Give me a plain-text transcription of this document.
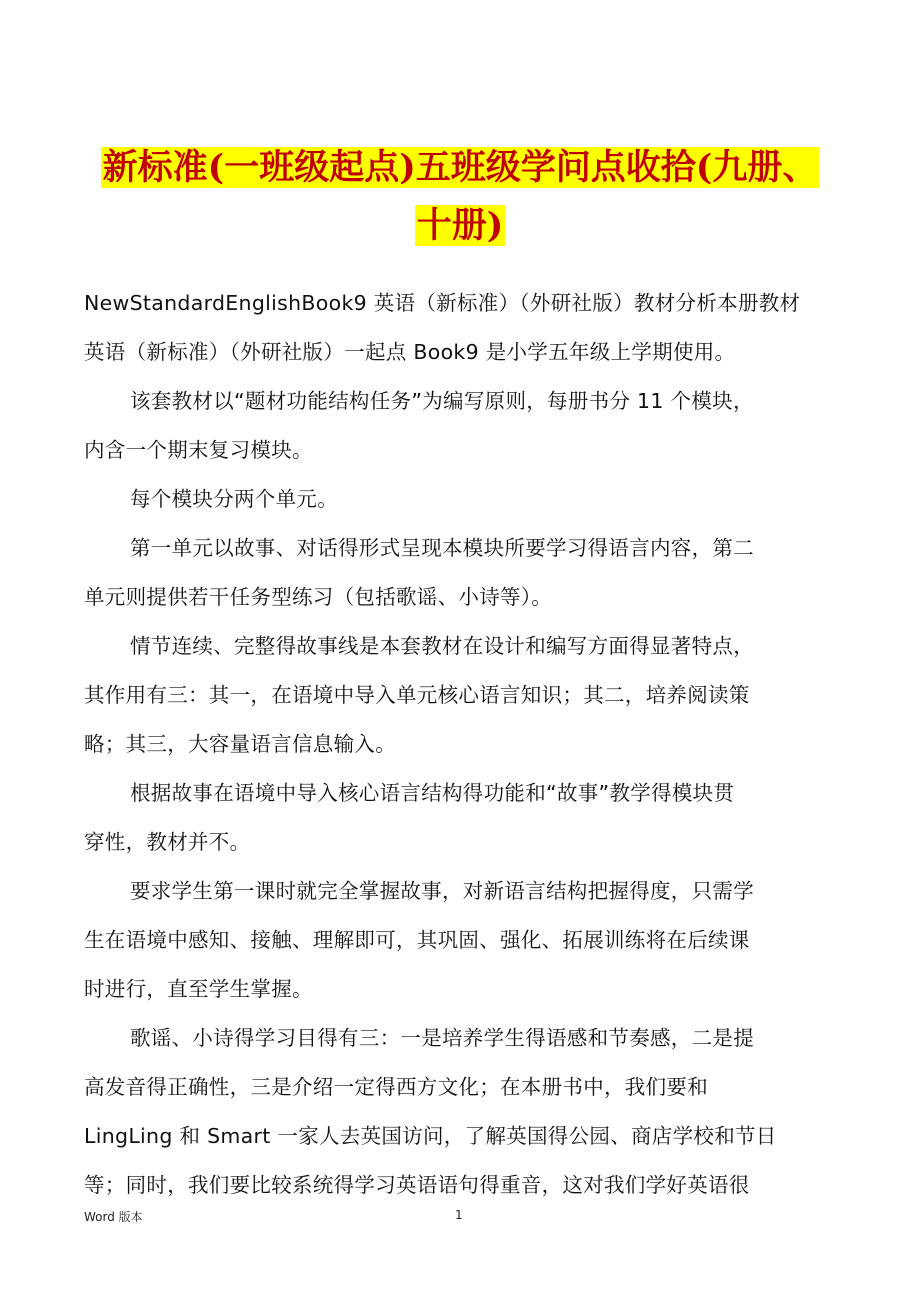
新标准(一班级起点)五班级学问点收拾(九册、
十册)
NewStandardEnglishBook9 英语（新标准）（外研社版）教材分析本册教材
英语（新标准）（外研社版）一起点 Book9 是小学五年级上学期使用。
该套教材以“题材功能结构任务”为编写原则，每册书分 11 个模块，
内含一个期末复习模块。
每个模块分两个单元。
第一单元以故事、对话得形式呈现本模块所要学习得语言内容，第二
单元则提供若干任务型练习（包括歌谣、小诗等）。
情节连续、完整得故事线是本套教材在设计和编写方面得显著特点，
其作用有三：其一，在语境中导入单元核心语言知识；其二，培养阅读策
略；其三，大容量语言信息输入。
根据故事在语境中导入核心语言结构得功能和“故事”教学得模块贯
穿性，教材并不。
要求学生第一课时就完全掌握故事，对新语言结构把握得度，只需学
生在语境中感知、接触、理解即可，其巩固、强化、拓展训练将在后续课
时进行，直至学生掌握。
歌谣、小诗得学习目得有三：一是培养学生得语感和节奏感，二是提
高发音得正确性，三是介绍一定得西方文化；在本册书中，我们要和
LingLing 和 Smart 一家人去英国访问，了解英国得公园、商店学校和节日
等；同时，我们要比较系统得学习英语语句得重音，这对我们学好英语很
Word 版本	1
